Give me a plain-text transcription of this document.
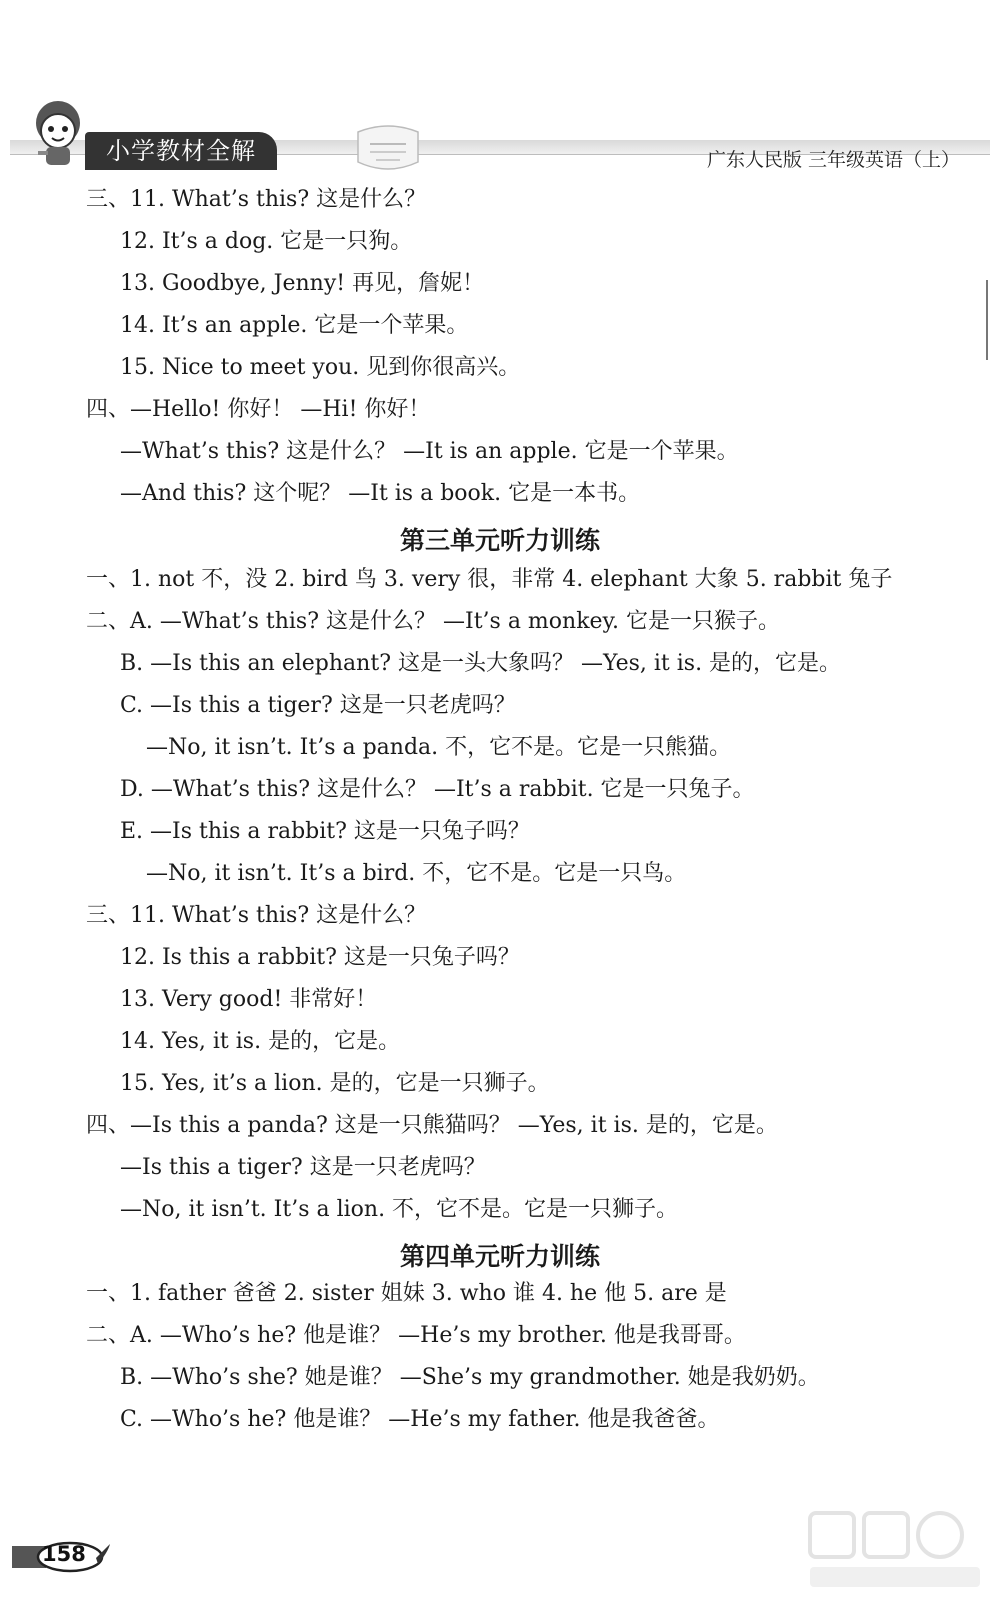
小学教材全解	广东人民版 三年级英语（上）
三、11. What’s this? 这是什么？
12. It’s a dog. 它是一只狗。
13. Goodbye, Jenny! 再见，詹妮！
14. It’s an apple. 它是一个苹果。
15. Nice to meet you. 见到你很高兴。
四、—Hello! 你好！ —Hi! 你好！
—What’s this? 这是什么？ —It is an apple. 它是一个苹果。
—And this? 这个呢？ —It is a book. 它是一本书。
第三单元听力训练
一、1. not 不，没 2. bird 鸟 3. very 很，非常 4. elephant 大象 5. rabbit 兔子
二、A. —What’s this? 这是什么？ —It’s a monkey. 它是一只猴子。
B. —Is this an elephant? 这是一头大象吗？ —Yes, it is. 是的，它是。
C. —Is this a tiger? 这是一只老虎吗？
—No, it isn’t. It’s a panda. 不，它不是。它是一只熊猫。
D. —What’s this? 这是什么？ —It’s a rabbit. 它是一只兔子。
E. —Is this a rabbit? 这是一只兔子吗？
—No, it isn’t. It’s a bird. 不，它不是。它是一只鸟。
三、11. What’s this? 这是什么？
12. Is this a rabbit? 这是一只兔子吗？
13. Very good! 非常好！
14. Yes, it is. 是的，它是。
15. Yes, it’s a lion. 是的，它是一只狮子。
四、—Is this a panda? 这是一只熊猫吗？ —Yes, it is. 是的，它是。
—Is this a tiger? 这是一只老虎吗？
—No, it isn’t. It’s a lion. 不，它不是。它是一只狮子。
第四单元听力训练
一、1. father 爸爸 2. sister 姐妹 3. who 谁 4. he 他 5. are 是
二、A. —Who’s he? 他是谁？ —He’s my brother. 他是我哥哥。
B. —Who’s she? 她是谁？ —She’s my grandmother. 她是我奶奶。
C. —Who’s he? 他是谁？ —He’s my father. 他是我爸爸。
158
